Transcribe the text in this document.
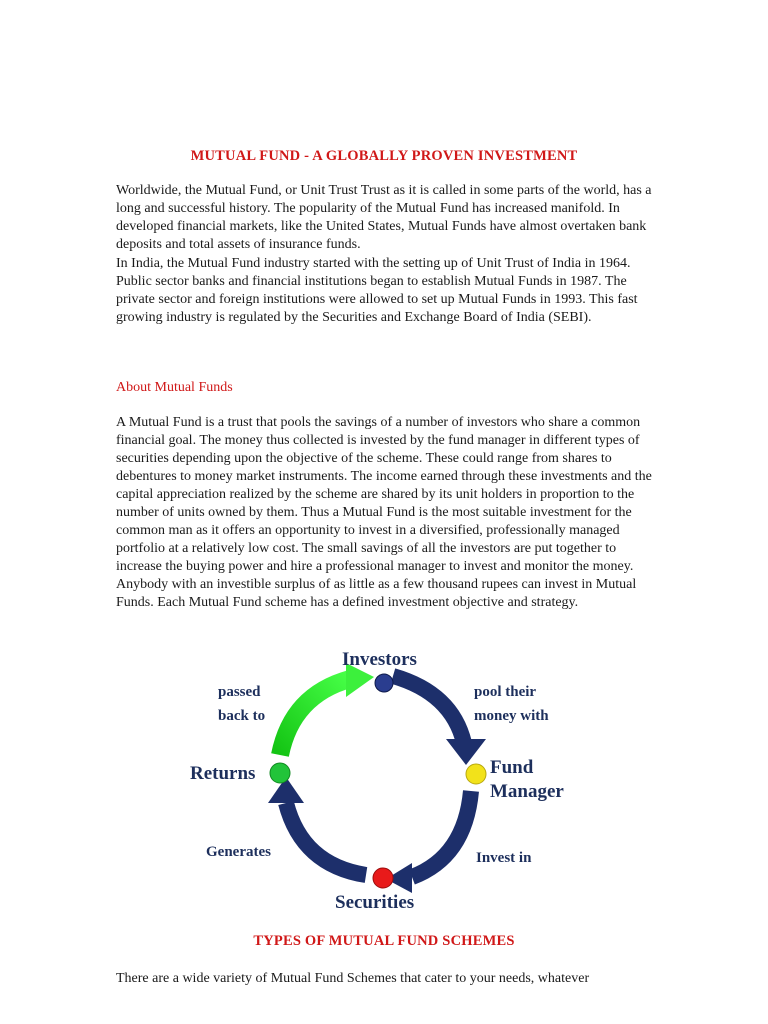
MUTUAL FUND - A GLOBALLY PROVEN INVESTMENT

Worldwide, the Mutual Fund, or Unit Trust Trust as it is called in some parts of the world, has a long and successful history. The popularity of the Mutual Fund has increased manifold. In developed financial markets, like the United States, Mutual Funds have almost overtaken bank deposits and total assets of insurance funds.

In India, the Mutual Fund industry started with the setting up of Unit Trust of India in 1964. Public sector banks and financial institutions began to establish Mutual Funds in 1987. The private sector and foreign institutions were allowed to set up Mutual Funds in 1993. This fast growing industry is regulated by the Securities and Exchange Board of India (SEBI).

About Mutual Funds

A Mutual Fund is a trust that pools the savings of a number of investors who share a common financial goal. The money thus collected is invested by the fund manager in different types of securities depending upon the objective of the scheme. These could range from shares to debentures to money market instruments. The income earned through these investments and the capital appreciation realized by the scheme are shared by its unit holders in proportion to the number of units owned by them. Thus a Mutual Fund is the most suitable investment for the common man as it offers an opportunity to invest in a diversified, professionally managed portfolio at a relatively low cost. The small savings of all the investors are put together to increase the buying power and hire a professional manager to invest and monitor the money. Anybody with an investible surplus of as little as a few thousand rupees can invest in Mutual Funds. Each Mutual Fund scheme has a defined investment objective and strategy.

Investors
pool their
money with
Fund
Manager
Invest in
Securities
Generates
Returns
passed
back to
TYPES OF MUTUAL FUND SCHEMES

There are a wide variety of Mutual Fund Schemes that cater to your needs, whatever
